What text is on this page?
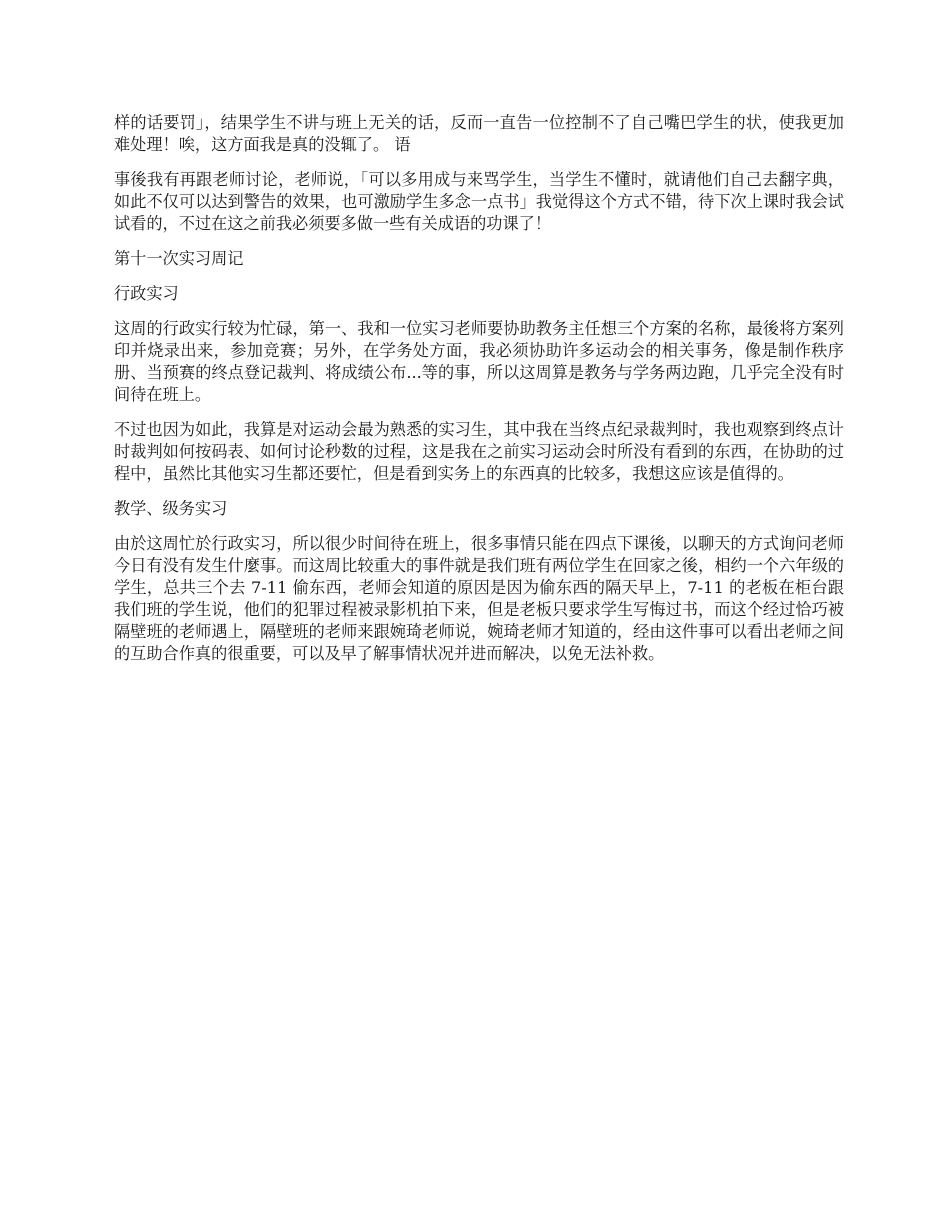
样的话要罚」，结果学生不讲与班上无关的话，反而一直告一位控制不了自己嘴巴学生的状，使我更加难处理！唉，这方面我是真的没辄了。 语

事後我有再跟老师讨论，老师说，「可以多用成与来骂学生，当学生不懂时，就请他们自己去翻字典，如此不仅可以达到警告的效果，也可激励学生多念一点书」我觉得这个方式不错，待下次上课时我会试试看的，不过在这之前我必须要多做一些有关成语的功课了！

第十一次实习周记

行政实习

这周的行政实行较为忙碌，第一、我和一位实习老师要协助教务主任想三个方案的名称，最後将方案列印并烧录出来，参加竞赛；另外，在学务处方面，我必须协助许多运动会的相关事务，像是制作秩序册、当预赛的终点登记裁判、将成绩公布...等的事，所以这周算是教务与学务两边跑，几乎完全没有时间待在班上。

不过也因为如此，我算是对运动会最为熟悉的实习生，其中我在当终点纪录裁判时，我也观察到终点计时裁判如何按码表、如何讨论秒数的过程，这是我在之前实习运动会时所没有看到的东西，在协助的过程中，虽然比其他实习生都还要忙，但是看到实务上的东西真的比较多，我想这应该是值得的。

教学、级务实习

由於这周忙於行政实习，所以很少时间待在班上，很多事情只能在四点下课後，以聊天的方式询问老师今日有没有发生什麼事。而这周比较重大的事件就是我们班有两位学生在回家之後，相约一个六年级的学生，总共三个去 7-11 偷东西，老师会知道的原因是因为偷东西的隔天早上，7-11 的老板在柜台跟我们班的学生说，他们的犯罪过程被录影机拍下来，但是老板只要求学生写悔过书，而这个经过恰巧被隔壁班的老师遇上，隔壁班的老师来跟婉琦老师说，婉琦老师才知道的，经由这件事可以看出老师之间的互助合作真的很重要，可以及早了解事情状况并进而解决，以免无法补救。
